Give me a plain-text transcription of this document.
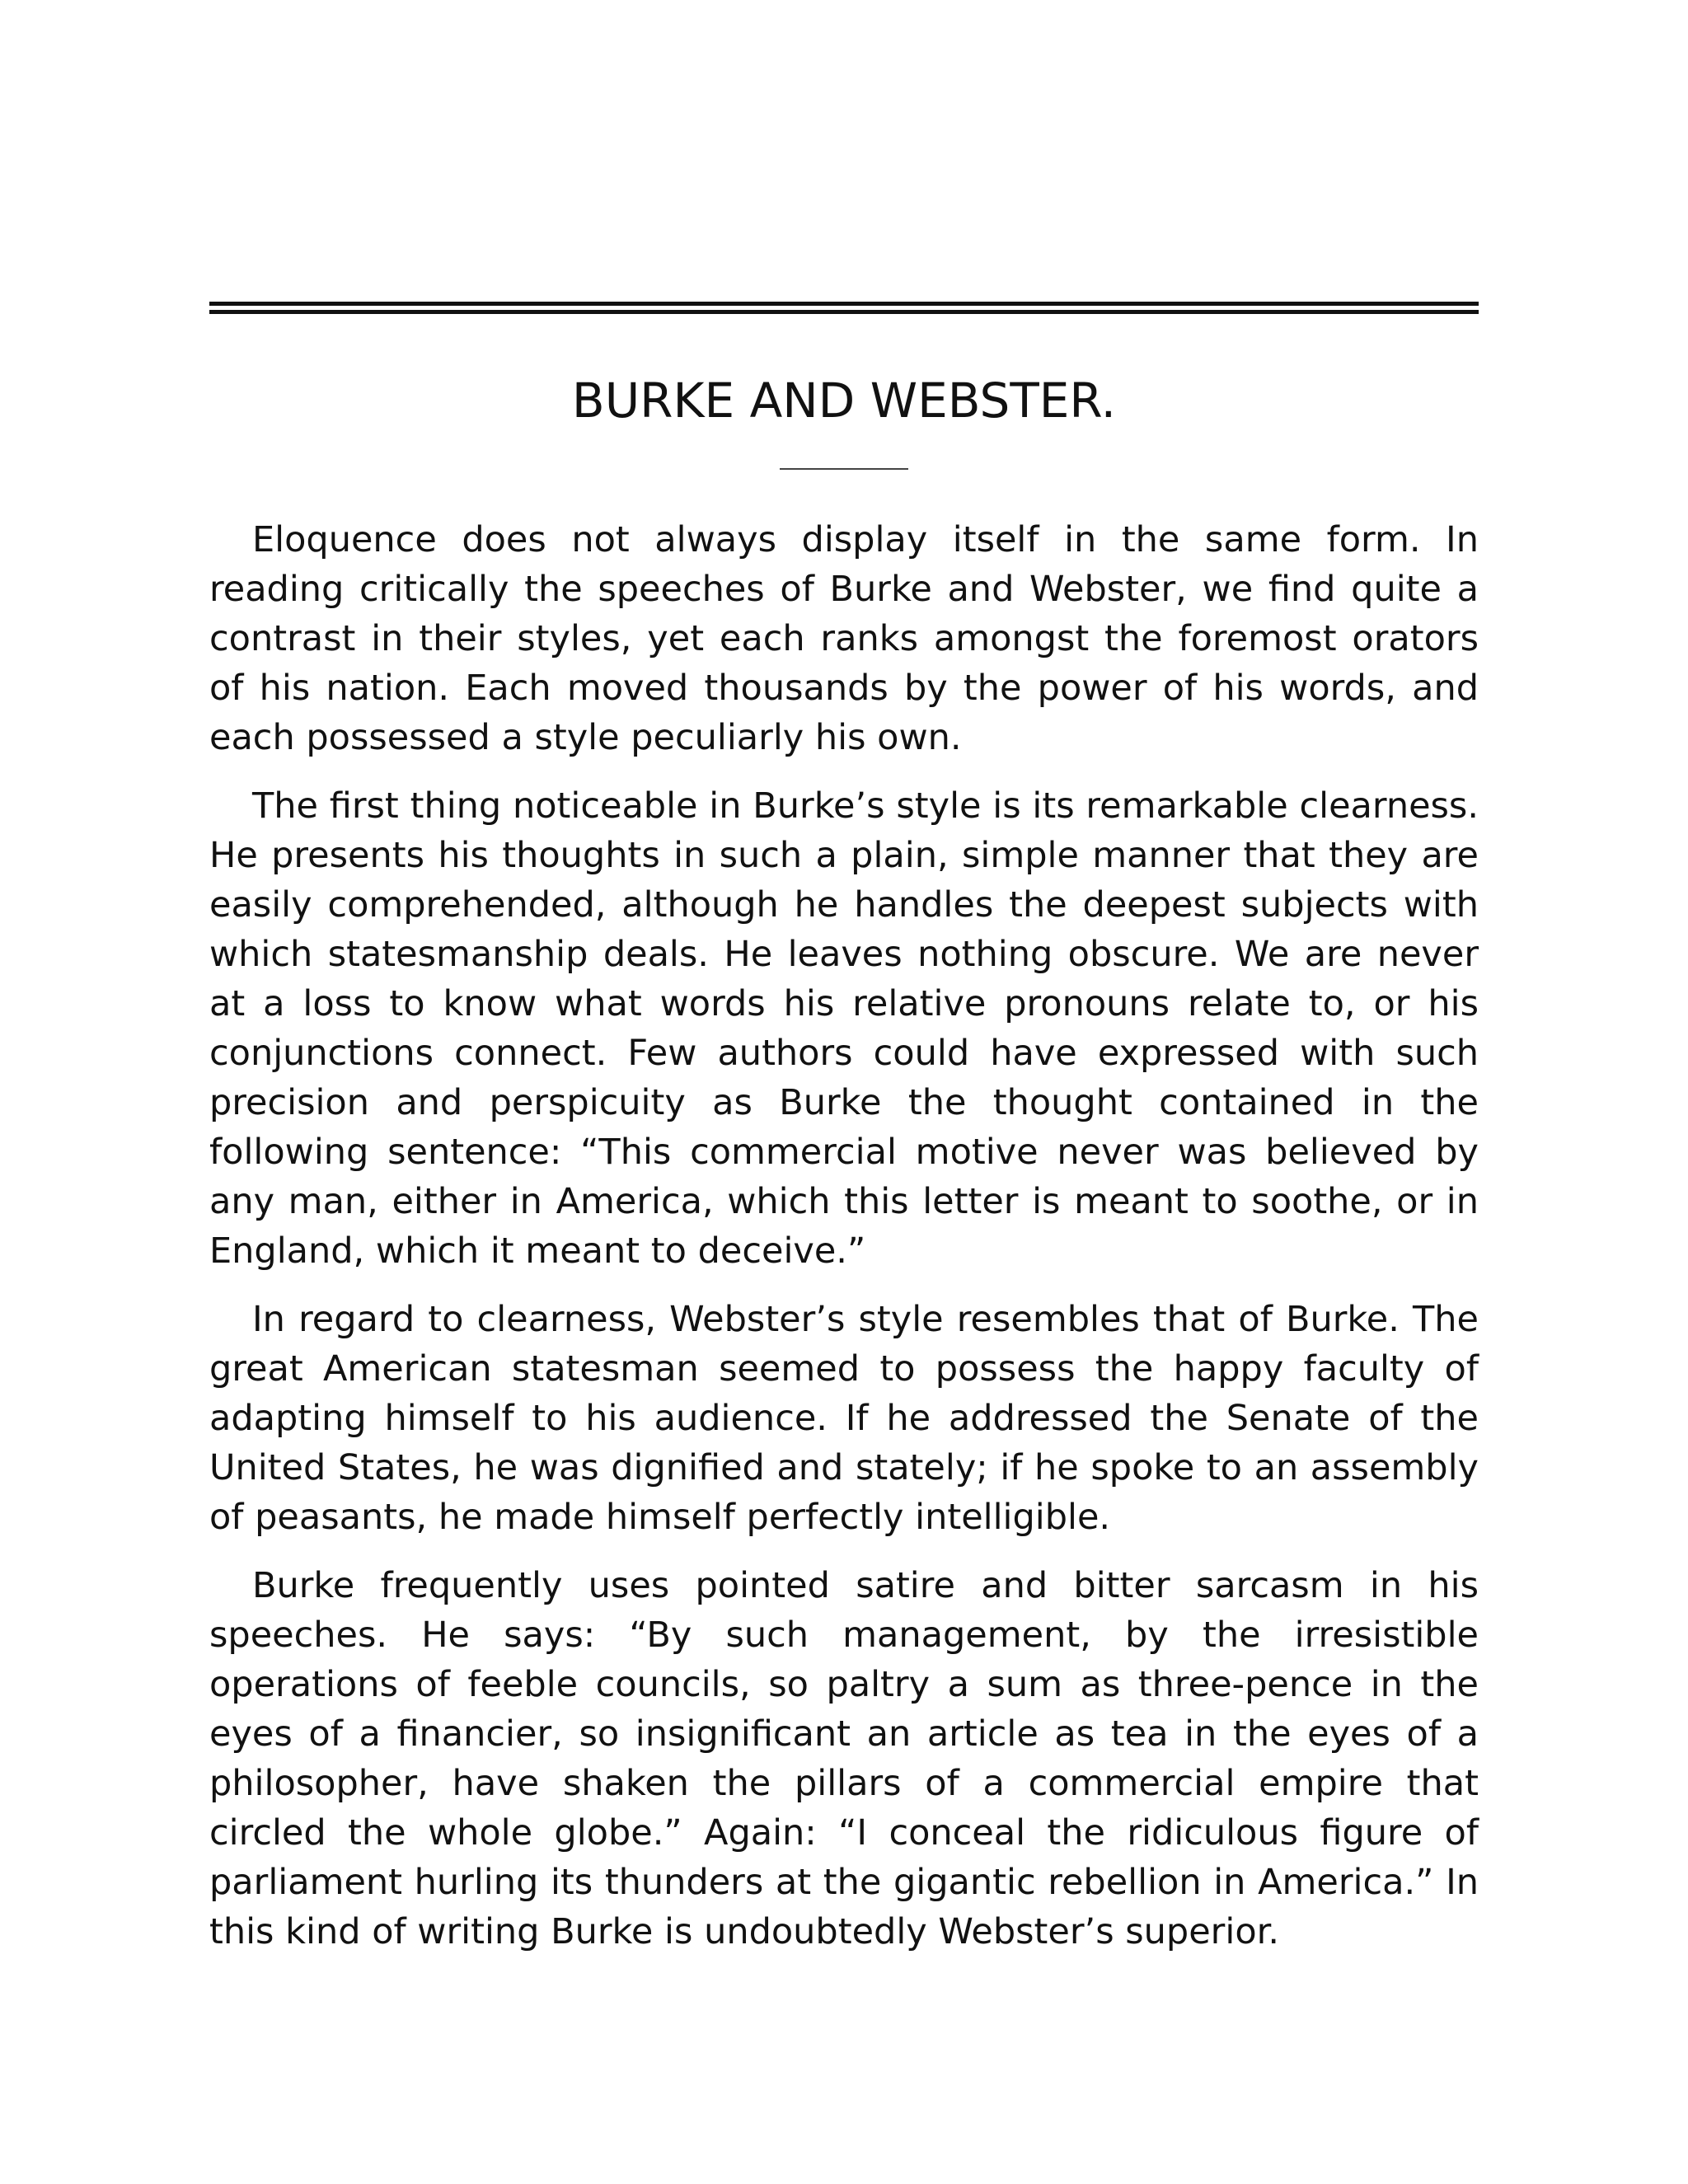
BURKE AND WEBSTER.

Eloquence does not always display itself in the same form. In reading critically the speeches of Burke and Webster, we find quite a contrast in their styles, yet each ranks amongst the foremost orators of his nation. Each moved thousands by the power of his words, and each possessed a style peculiarly his own.

The first thing noticeable in Burke’s style is its remarkable clearness. He presents his thoughts in such a plain, simple manner that they are easily comprehended, although he handles the deepest subjects with which statesmanship deals. He leaves nothing obscure. We are never at a loss to know what words his relative pronouns relate to, or his conjunctions connect. Few authors could have expressed with such precision and perspicuity as Burke the thought contained in the following sentence: “This commercial motive never was believed by any man, either in America, which this letter is meant to soothe, or in England, which it meant to deceive.”

In regard to clearness, Webster’s style resembles that of Burke. The great American statesman seemed to possess the happy faculty of adapting himself to his audience. If he addressed the Senate of the United States, he was dignified and stately; if he spoke to an assembly of peasants, he made himself perfectly intelligible.

Burke frequently uses pointed satire and bitter sarcasm in his speeches. He says: “By such management, by the irresistible operations of feeble councils, so paltry a sum as three-pence in the eyes of a financier, so insignificant an article as tea in the eyes of a philosopher, have shaken the pillars of a commercial empire that circled the whole globe.” Again: “I conceal the ridiculous figure of parliament hurling its thunders at the gigantic rebellion in America.” In this kind of writing Burke is undoubtedly Webster’s superior.
